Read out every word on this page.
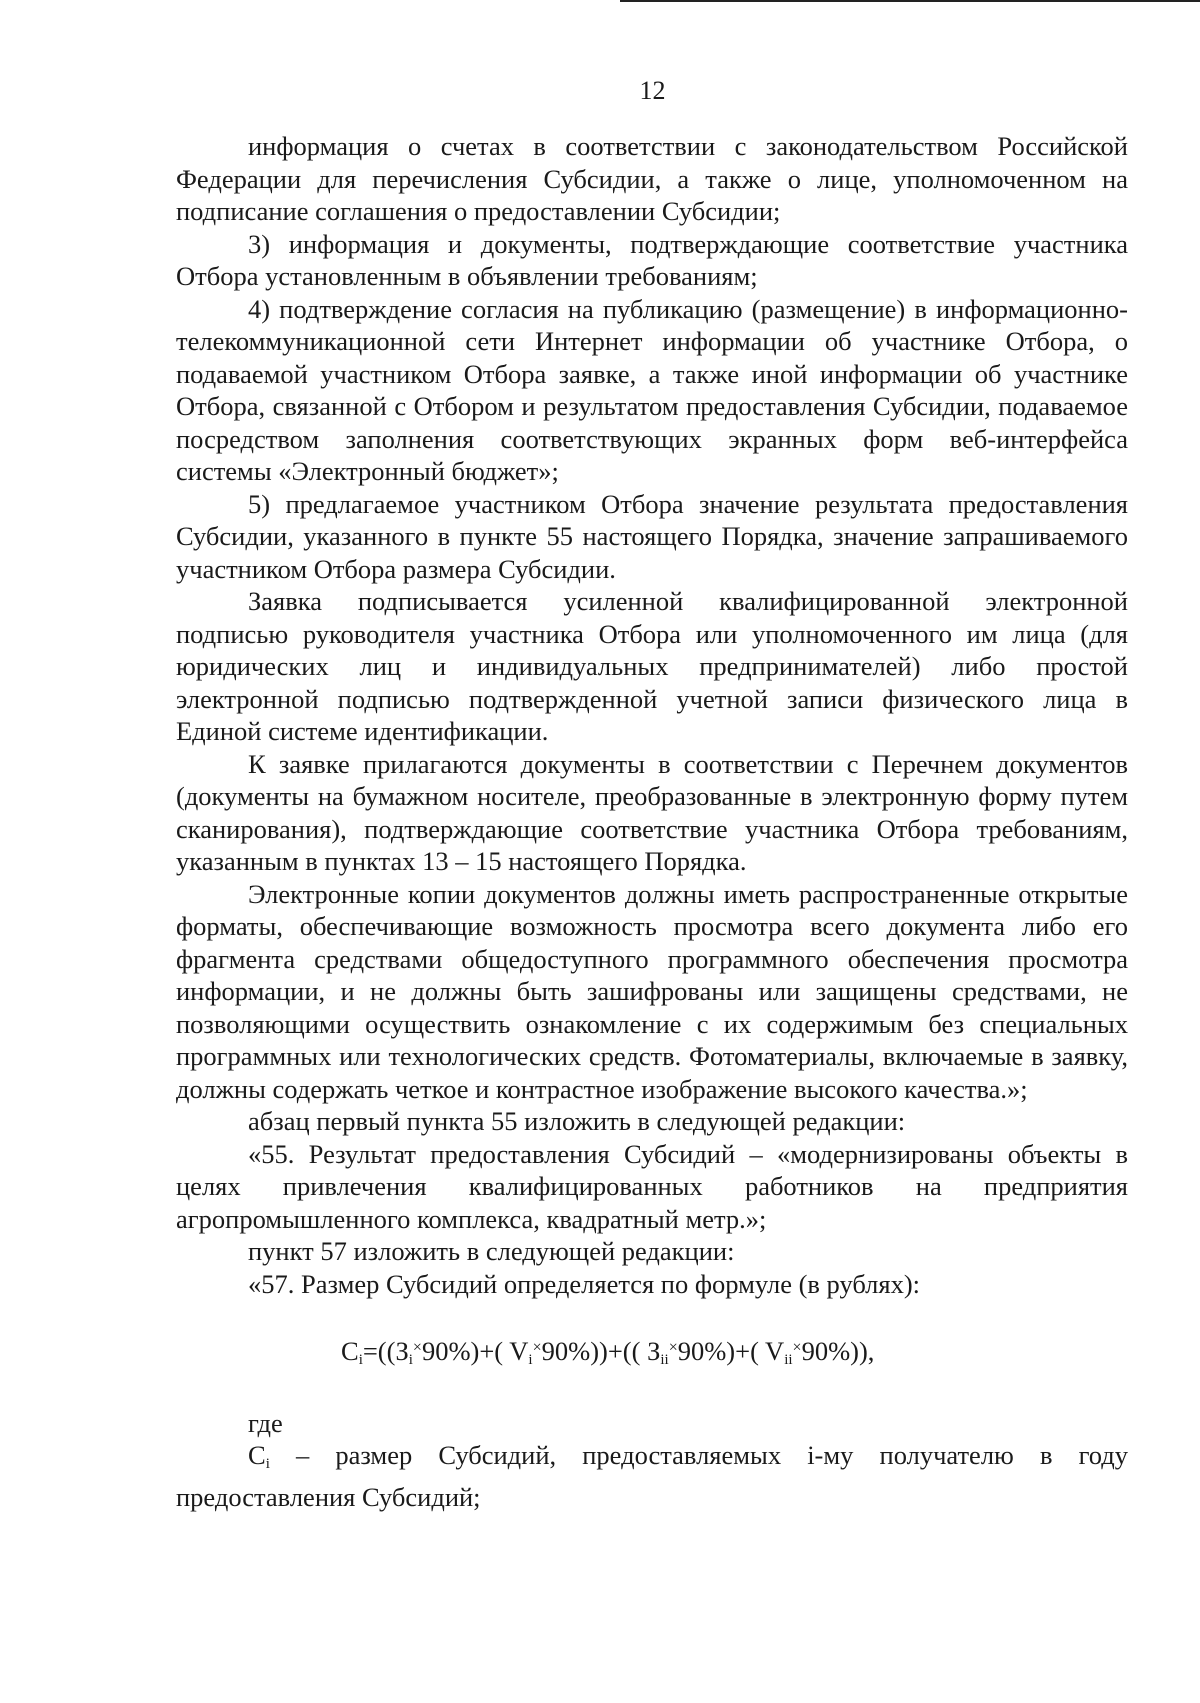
12

информация о счетах в соответствии с законодательством Российской Федерации для перечисления Субсидии, а также о лице, уполномоченном на подписание соглашения о предоставлении Субсидии;

3) информация и документы, подтверждающие соответствие участника Отбора установленным в объявлении требованиям;

4) подтверждение согласия на публикацию (размещение) в информационно-телекоммуникационной сети Интернет информации об участнике Отбора, о подаваемой участником Отбора заявке, а также иной информации об участнике Отбора, связанной с Отбором и результатом предоставления Субсидии, подаваемое посредством заполнения соответствующих экранных форм веб-интерфейса системы «Электронный бюджет»;

5) предлагаемое участником Отбора значение результата предоставления Субсидии, указанного в пункте 55 настоящего Порядка, значение запрашиваемого участником Отбора размера Субсидии.

Заявка подписывается усиленной квалифицированной электронной подписью руководителя участника Отбора или уполномоченного им лица (для юридических лиц и индивидуальных предпринимателей) либо простой электронной подписью подтвержденной учетной записи физического лица в Единой системе идентификации.

К заявке прилагаются документы в соответствии с Перечнем документов (документы на бумажном носителе, преобразованные в электронную форму путем сканирования), подтверждающие соответствие участника Отбора требованиям, указанным в пунктах 13 – 15 настоящего Порядка.

Электронные копии документов должны иметь распространенные открытые форматы, обеспечивающие возможность просмотра всего документа либо его фрагмента средствами общедоступного программного обеспечения просмотра информации, и не должны быть зашифрованы или защищены средствами, не позволяющими осуществить ознакомление с их содержимым без специальных программных или технологических средств. Фотоматериалы, включаемые в заявку, должны содержать четкое и контрастное изображение высокого качества.»;

абзац первый пункта 55 изложить в следующей редакции:

«55. Результат предоставления Субсидий – «модернизированы объекты в целях привлечения квалифицированных работников на предприятия агропромышленного комплекса, квадратный метр.»;

пункт 57 изложить в следующей редакции:

«57. Размер Субсидий определяется по формуле (в рублях):

$C_i=((З_i^\times 90\%)+$( $V_i^\times 90\%))+$(( $З_{ii}^\times 90\%)+$( $V_{ii}^\times 90\%$)),

где

$С_i$ – размер Субсидий, предоставляемых i-му получателю в году предоставления Субсидий;
